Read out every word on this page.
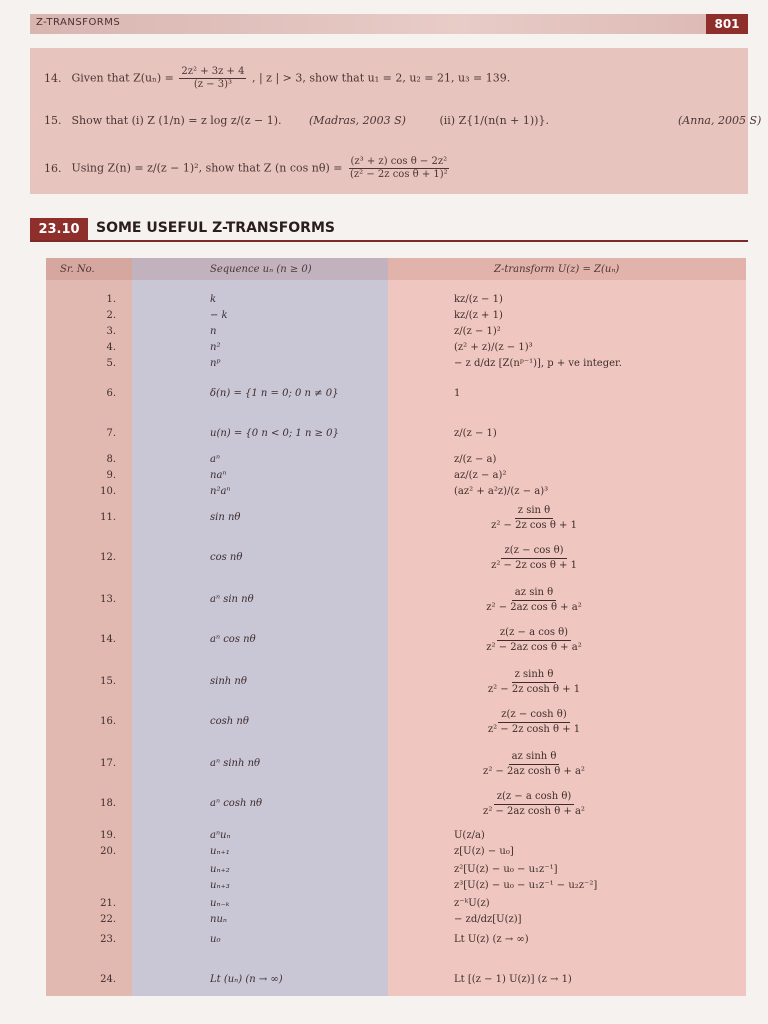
Z-TRANSFORMS	801
14. Given that $Z(u_n) = \frac{\text{2z² + 3z + 4}}{\text{(z − 3)³}}$ , | z | > 3, show that u₁ = 2, u₂ = 21, u₃ = 139.
15. Show that (i) Z (1/n) = z log z/(z − 1).	(Madras, 2003 S)	(ii) Z{1/(n(n + 1))}.	(Anna, 2005 S)
16. Using Z(n) = z/(z − 1)², show that Z (n $\cos n\theta) = \frac{\text{(z³ + z) cos θ − 2z²}}{\text{(z² − 2z cos θ + 1)²}}$
23.10	SOME USEFUL Z-TRANSFORMS
Sr. No.	Sequence uₙ (n ≥ 0)	Z-transform U(z) = Z(uₙ)
1.	k	kz/(z − 1)
2.	− k	kz/(z + 1)
3.	n	z/(z − 1)²
4.	n²	(z² + z)/(z − 1)³
5.	nᵖ	− z d/dz [Z(nᵖ⁻¹)], p + ve integer.
6.	δ(n) = {1 n = 0; 0 n ≠ 0}	1
7.	u(n) = {0 n < 0; 1 n ≥ 0}	z/(z − 1)
8.	aⁿ	z/(z − a)
9.	naⁿ	az/(z − a)²
10.	n²aⁿ	(az² + a²z)/(z − a)³
11.	sin nθ	$\frac{\text{z sin θ}}{\text{z² − 2z cos θ + 1}}$
12.	cos nθ	$\frac{\text{z(z − cos θ)}}{\text{z² − 2z cos θ + 1}}$
13.	aⁿ sin nθ	$\frac{\text{az sin θ}}{\text{z² − 2az cos θ + a²}}$
14.	aⁿ cos nθ	$\frac{\text{z(z − a cos θ)}}{\text{z² − 2az cos θ + a²}}$
15.	sinh nθ	$\frac{\text{z sinh θ}}{\text{z² − 2z cosh θ + 1}}$
16.	cosh nθ	$\frac{\text{z(z − cosh θ)}}{\text{z² − 2z cosh θ + 1}}$
17.	aⁿ sinh nθ	$\frac{\text{az sinh θ}}{\text{z² − 2az cosh θ + a²}}$
18.	aⁿ cosh nθ	$\frac{\text{z(z − a cosh θ)}}{\text{z² − 2az cosh θ + a²}}$
19.	aⁿuₙ	U(z/a)
20.	uₙ₊₁	z[U(z) − u₀]
uₙ₊₂	z²[U(z) − u₀ − u₁z⁻¹]
uₙ₊₃	z³[U(z) − u₀ − u₁z⁻¹ − u₂z⁻²]
21.	uₙ₋ₖ	z⁻ᵏU(z)
22.	nuₙ	− zd/dz[U(z)]
23.	u₀	Lt U(z) (z → ∞)
24.	Lt (uₙ) (n → ∞)	Lt [(z − 1) U(z)] (z → 1)
